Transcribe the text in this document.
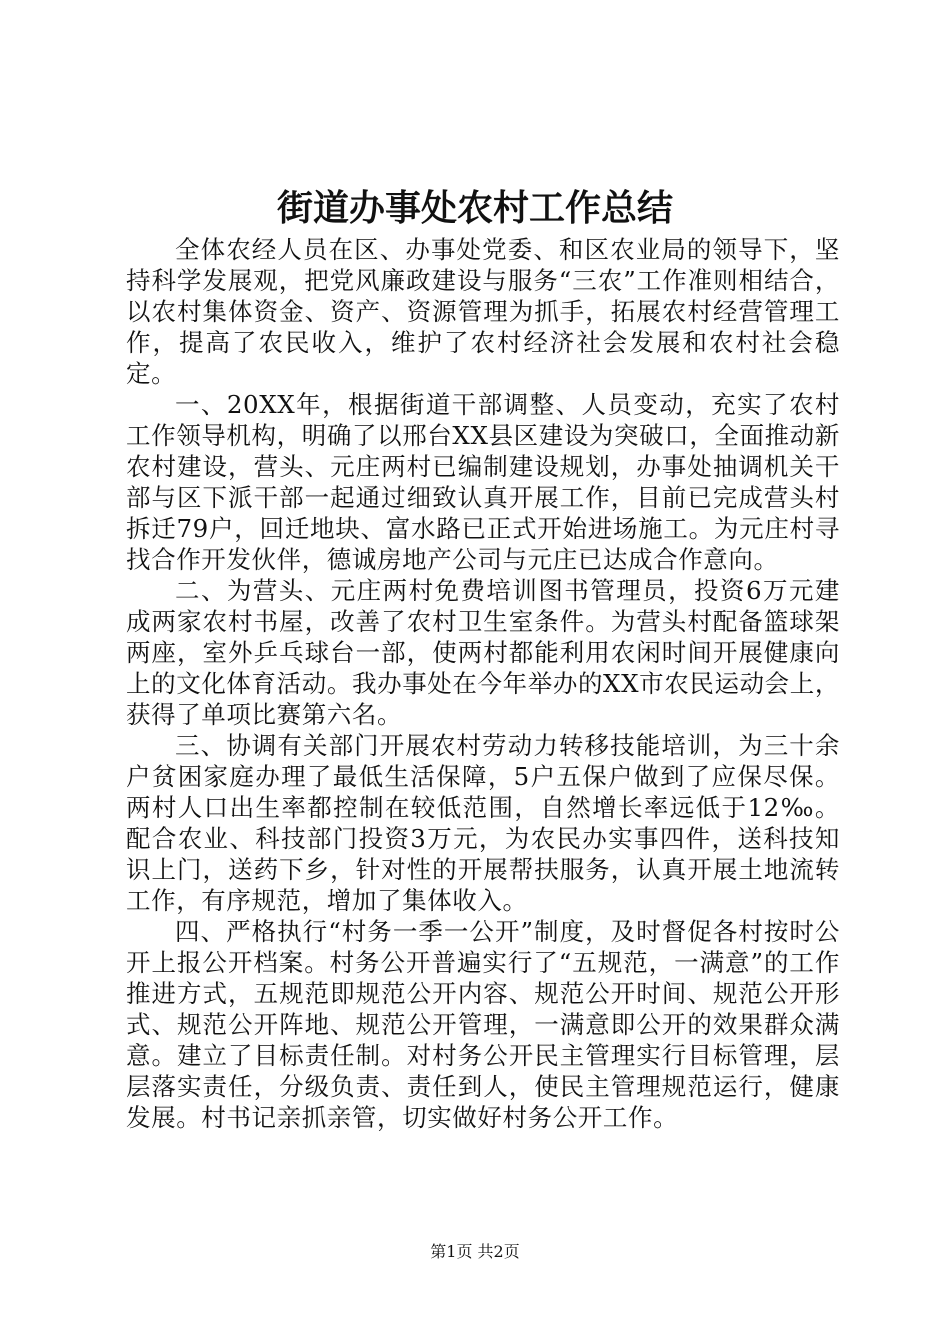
街道办事处农村工作总结

全体农经人员在区、办事处党委、和区农业局的领导下，坚持科学发展观，把党风廉政建设与服务“三农”工作准则相结合，以农村集体资金、资产、资源管理为抓手，拓展农村经营管理工作，提高了农民收入，维护了农村经济社会发展和农村社会稳定。

一、20XX年，根据街道干部调整、人员变动，充实了农村工作领导机构，明确了以邢台XX县区建设为突破口，全面推动新农村建设，营头、元庄两村已编制建设规划，办事处抽调机关干部与区下派干部一起通过细致认真开展工作，目前已完成营头村拆迁79户，回迁地块、富水路已正式开始进场施工。为元庄村寻找合作开发伙伴，德诚房地产公司与元庄已达成合作意向。

二、为营头、元庄两村免费培训图书管理员，投资6万元建成两家农村书屋，改善了农村卫生室条件。为营头村配备篮球架两座，室外乒乓球台一部，使两村都能利用农闲时间开展健康向上的文化体育活动。我办事处在今年举办的XX市农民运动会上，获得了单项比赛第六名。

三、协调有关部门开展农村劳动力转移技能培训，为三十余户贫困家庭办理了最低生活保障，5户五保户做到了应保尽保。两村人口出生率都控制在较低范围，自然增长率远低于12‰。配合农业、科技部门投资3万元，为农民办实事四件，送科技知识上门，送药下乡，针对性的开展帮扶服务，认真开展土地流转工作，有序规范，增加了集体收入。

四、严格执行“村务一季一公开”制度，及时督促各村按时公开上报公开档案。村务公开普遍实行了“五规范，一满意”的工作推进方式，五规范即规范公开内容、规范公开时间、规范公开形式、规范公开阵地、规范公开管理，一满意即公开的效果群众满意。建立了目标责任制。对村务公开民主管理实行目标管理，层层落实责任，分级负责、责任到人，使民主管理规范运行，健康发展。村书记亲抓亲管，切实做好村务公开工作。

第1页 共2页
